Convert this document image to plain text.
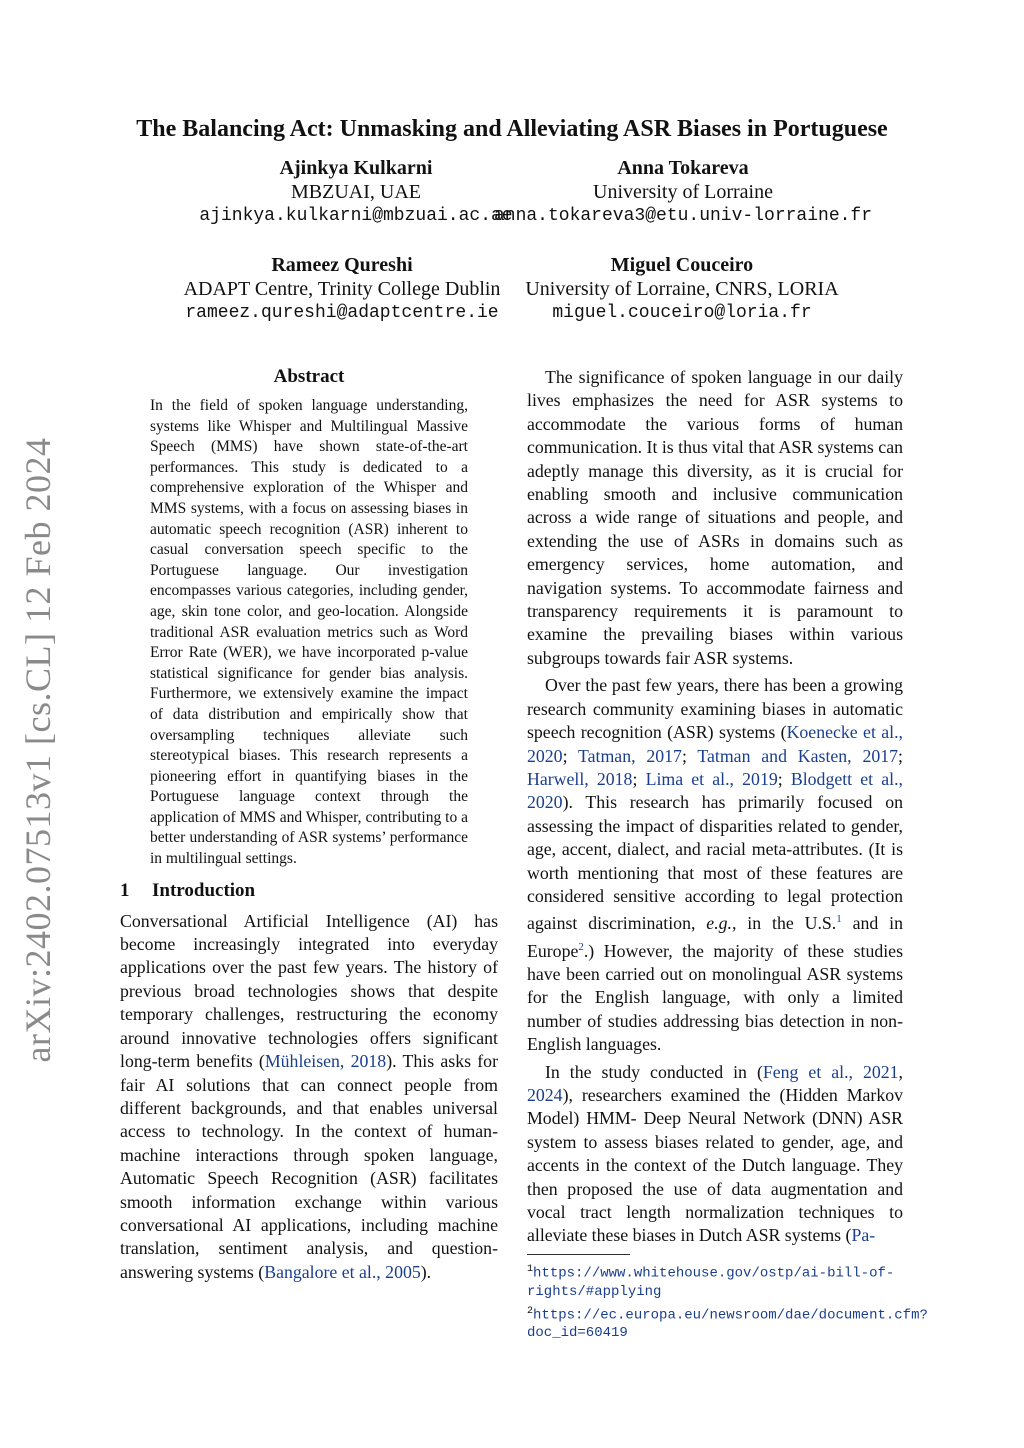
arXiv:2402.07513v1 [cs.CL] 12 Feb 2024
The Balancing Act: Unmasking and Alleviating ASR Biases in Portuguese
Ajinkya Kulkarni
MBZUAI, UAE
ajinkya.kulkarni@mbzuai.ac.ae
Anna Tokareva
University of Lorraine
anna.tokareva3@etu.univ-lorraine.fr
Rameez Qureshi
ADAPT Centre, Trinity College Dublin
rameez.qureshi@adaptcentre.ie
Miguel Couceiro
University of Lorraine, CNRS, LORIA
miguel.couceiro@loria.fr
Abstract

In the field of spoken language understanding, systems like Whisper and Multilingual Massive Speech (MMS) have shown state-of-the-art performances. This study is dedicated to a comprehensive exploration of the Whisper and MMS systems, with a focus on assessing biases in automatic speech recognition (ASR) inherent to casual conversation speech specific to the Portuguese language. Our investigation encompasses various categories, including gender, age, skin tone color, and geo-location. Alongside traditional ASR evaluation metrics such as Word Error Rate (WER), we have incorporated p-value statistical significance for gender bias analysis. Furthermore, we extensively examine the impact of data distribution and empirically show that oversampling techniques alleviate such stereotypical biases. This research represents a pioneering effort in quantifying biases in the Portuguese language context through the application of MMS and Whisper, contributing to a better understanding of ASR systems’ performance in multilingual settings.

1 Introduction

Conversational Artificial Intelligence (AI) has become increasingly integrated into everyday applications over the past few years. The history of previous broad technologies shows that despite temporary challenges, restructuring the economy around innovative technologies offers significant long-term benefits (Mühleisen, 2018). This asks for fair AI solutions that can connect people from different backgrounds, and that enables universal access to technology. In the context of human-machine interactions through spoken language, Automatic Speech Recognition (ASR) facilitates smooth information exchange within various conversational AI applications, including machine translation, sentiment analysis, and question-answering systems (Bangalore et al., 2005).

The significance of spoken language in our daily lives emphasizes the need for ASR systems to accommodate the various forms of human communication. It is thus vital that ASR systems can adeptly manage this diversity, as it is crucial for enabling smooth and inclusive communication across a wide range of situations and people, and extending the use of ASRs in domains such as emergency services, home automation, and navigation systems. To accommodate fairness and transparency requirements it is paramount to examine the prevailing biases within various subgroups towards fair ASR systems.

Over the past few years, there has been a growing research community examining biases in automatic speech recognition (ASR) systems (Koenecke et al., 2020; Tatman, 2017; Tatman and Kasten, 2017; Harwell, 2018; Lima et al., 2019; Blodgett et al., 2020). This research has primarily focused on assessing the impact of disparities related to gender, age, accent, dialect, and racial meta-attributes. (It is worth mentioning that most of these features are considered sensitive according to legal protection against discrimination, e.g., in the U.S.$^1$ and in Europe$^2$.) However, the majority of these studies have been carried out on monolingual ASR systems for the English language, with only a limited number of studies addressing bias detection in non-English languages.

In the study conducted in (Feng et al., 2021, 2024), researchers examined the (Hidden Markov Model) HMM- Deep Neural Network (DNN) ASR system to assess biases related to gender, age, and accents in the context of the Dutch language. They then proposed the use of data augmentation and vocal tract length normalization techniques to alleviate these biases in Dutch ASR systems (Pa-

$^1$https://www.whitehouse.gov/ostp/ai-bill-of-rights/#applying

$^2$https://ec.europa.eu/newsroom/dae/document.cfm?doc_id=60419
